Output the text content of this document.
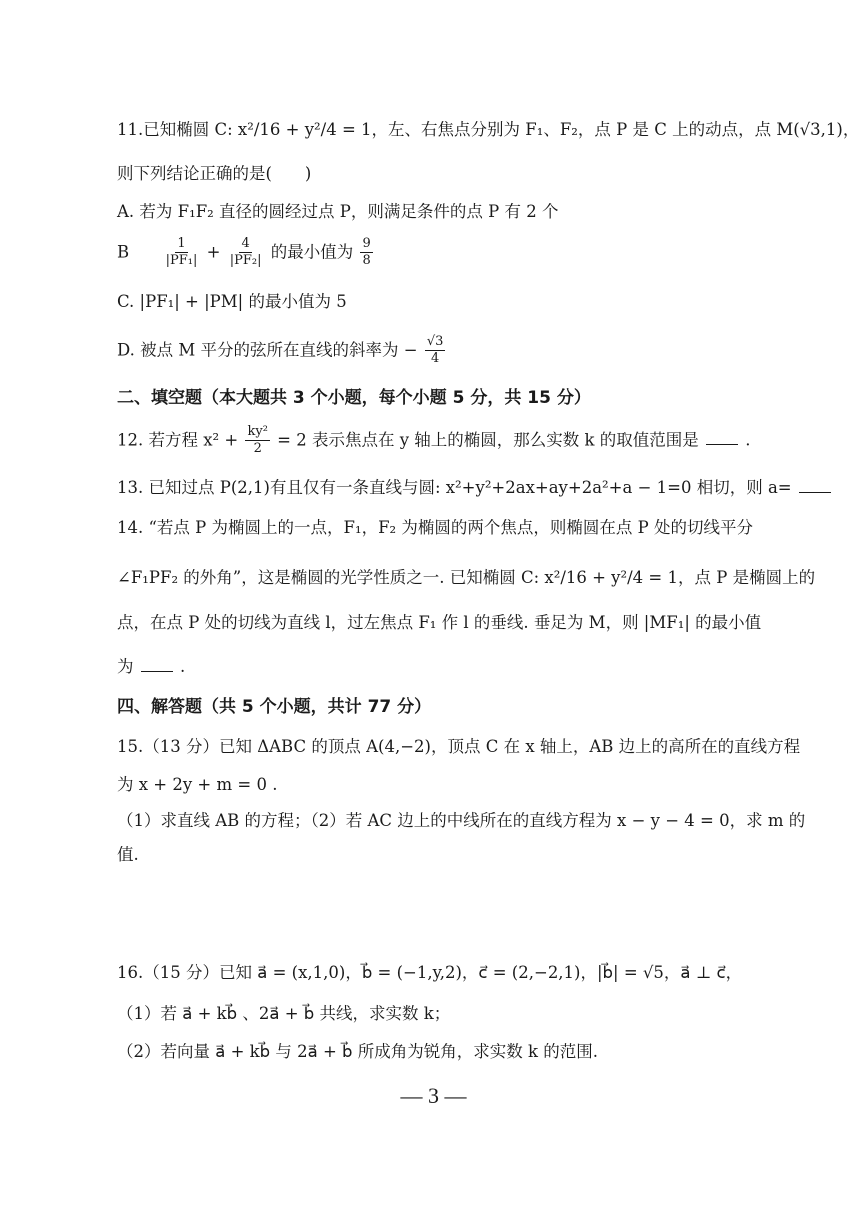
11.已知椭圆 C: x²/16 + y²/4 = 1，左、右焦点分别为 F₁、F₂，点 P 是 C 上的动点，点 M(√3,1)，
则下列结论正确的是(　　)
A. 若为 F₁F₂ 直径的圆经过点 P，则满足条件的点 P 有 2 个
B	$\frac{1}{\text{|PF₁|}} + \frac{4}{\text{|PF₂|}}$ 的最小值为 $\frac{9}{8}$
C. |PF₁| + |PM| 的最小值为 5
D. 被点 M 平分的弦所在直线的斜率为 − $\frac{√3}{4}$
二、填空题（本大题共 3 个小题，每个小题 5 分，共 15 分）
12. 若方程 $x^2 + \frac{\text{ky²}}{2} = 2$ 表示焦点在 y 轴上的椭圆，那么实数 k 的取值范围是	.
13. 已知过点 P(2,1)有且仅有一条直线与圆: x²+y²+2ax+ay+2a²+a − 1=0 相切，则 a=
14. “若点 P 为椭圆上的一点，F₁，F₂ 为椭圆的两个焦点，则椭圆在点 P 处的切线平分
∠F₁PF₂ 的外角”，这是椭圆的光学性质之一. 已知椭圆 C: x²/16 + y²/4 = 1，点 P 是椭圆上的
点，在点 P 处的切线为直线 l，过左焦点 F₁ 作 l 的垂线. 垂足为 M，则 |MF₁| 的最小值
为	.
四、解答题（共 5 个小题，共计 77 分）
15.（13 分）已知 ΔABC 的顶点 A(4,−2)，顶点 C 在 x 轴上，AB 边上的高所在的直线方程
为 x + 2y + m = 0 .
（1）求直线 AB 的方程；（2）若 AC 边上的中线所在的直线方程为 x − y − 4 = 0，求 m 的
值.
16.（15 分）已知 a⃗ = (x,1,0)，b⃗ = (−1,y,2)，c⃗ = (2,−2,1)，|b⃗| = √5，a⃗ ⊥ c⃗，
（1）若 a⃗ + kb⃗ 、2a⃗ + b⃗ 共线，求实数 k；
（2）若向量 a⃗ + kb⃗ 与 2a⃗ + b⃗ 所成角为锐角，求实数 k 的范围.
— 3 —
